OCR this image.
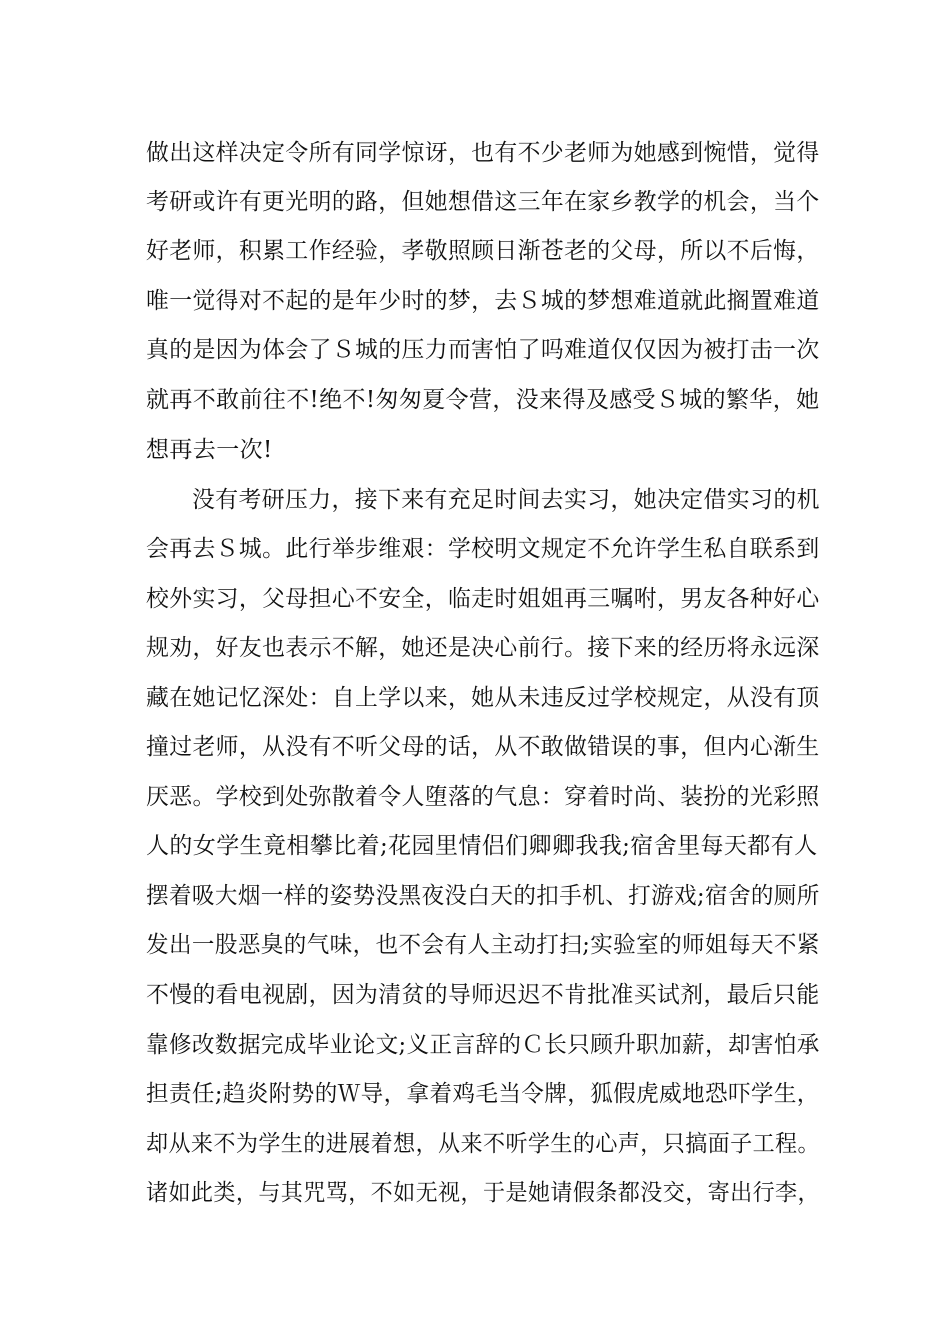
做出这样决定令所有同学惊讶，也有不少老师为她感到惋惜，觉得
考研或许有更光明的路，但她想借这三年在家乡教学的机会，当个
好老师，积累工作经验，孝敬照顾日渐苍老的父母，所以不后悔，
唯一觉得对不起的是年少时的梦，去Ｓ城的梦想难道就此搁置难道
真的是因为体会了Ｓ城的压力而害怕了吗难道仅仅因为被打击一次
就再不敢前往不!绝不!匆匆夏令营，没来得及感受Ｓ城的繁华，她
想再去一次!
没有考研压力，接下来有充足时间去实习，她决定借实习的机
会再去Ｓ城。此行举步维艰：学校明文规定不允许学生私自联系到
校外实习，父母担心不安全，临走时姐姐再三嘱咐，男友各种好心
规劝，好友也表示不解，她还是决心前行。接下来的经历将永远深
藏在她记忆深处：自上学以来，她从未违反过学校规定，从没有顶
撞过老师，从没有不听父母的话，从不敢做错误的事，但内心渐生
厌恶。学校到处弥散着令人堕落的气息：穿着时尚、装扮的光彩照
人的女学生竟相攀比着;花园里情侣们卿卿我我;宿舍里每天都有人
摆着吸大烟一样的姿势没黑夜没白天的扣手机、打游戏;宿舍的厕所
发出一股恶臭的气味，也不会有人主动打扫;实验室的师姐每天不紧
不慢的看电视剧，因为清贫的导师迟迟不肯批准买试剂，最后只能
靠修改数据完成毕业论文;义正言辞的Ｃ长只顾升职加薪，却害怕承
担责任;趋炎附势的Ｗ导，拿着鸡毛当令牌，狐假虎威地恐吓学生，
却从来不为学生的进展着想，从来不听学生的心声，只搞面子工程。
诸如此类，与其咒骂，不如无视，于是她请假条都没交，寄出行李，
